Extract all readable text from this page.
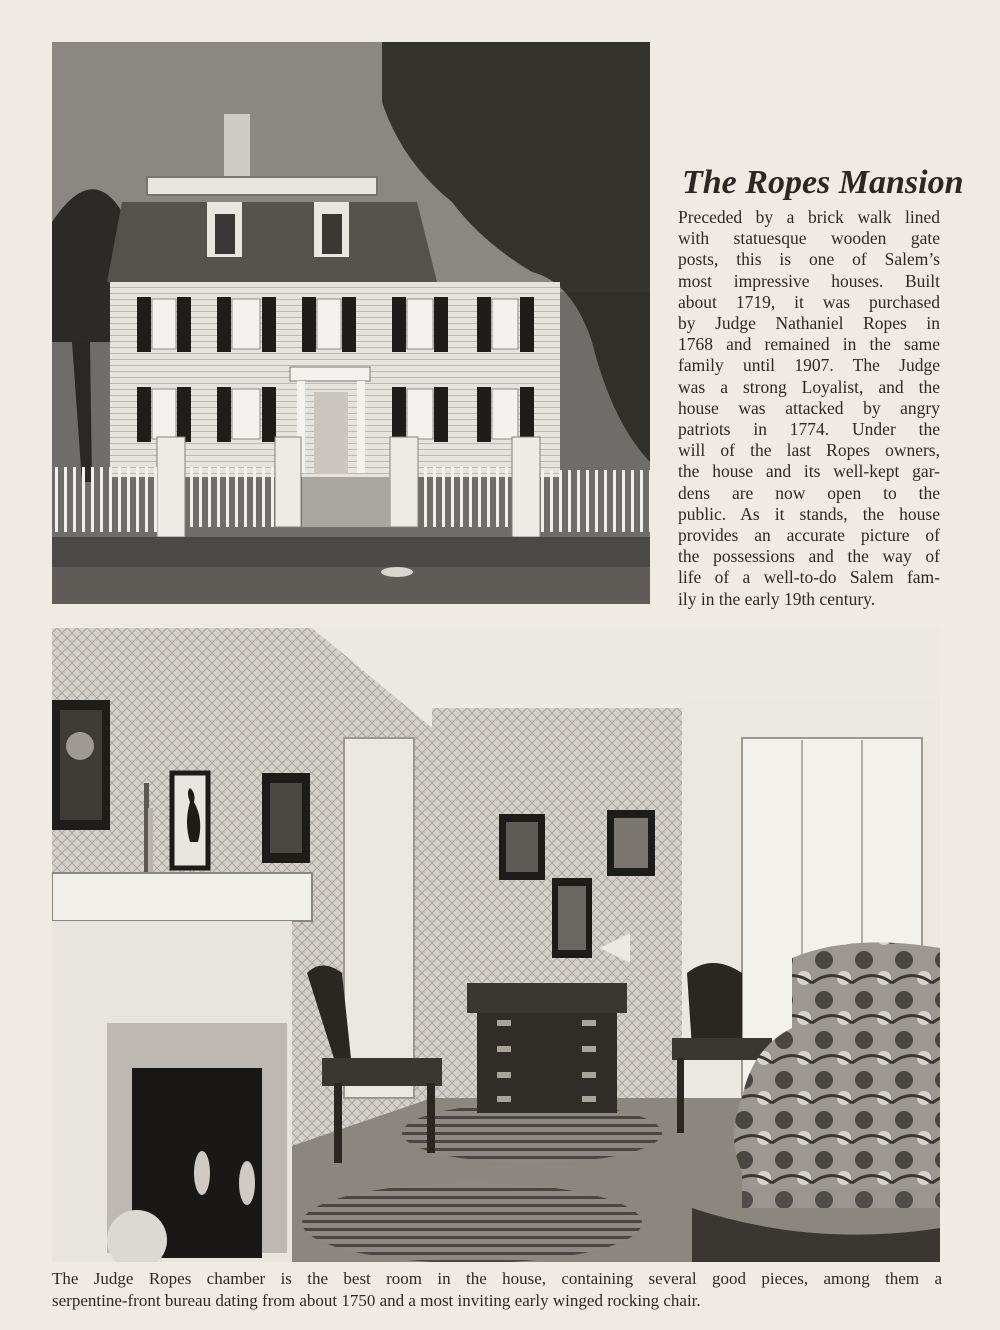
The Ropes Mansion
Preceded by a brick walk lined
with statuesque wooden gate
posts, this is one of Salem’s
most impressive houses. Built
about 1719, it was purchased
by Judge Nathaniel Ropes in
1768 and remained in the same
family until 1907. The Judge
was a strong Loyalist, and the
house was attacked by angry
patriots in 1774. Under the
will of the last Ropes owners,
the house and its well-kept gar-
dens are now open to the
public. As it stands, the house
provides an accurate picture of
the possessions and the way of
life of a well-to-do Salem fam-
ily in the early 19th century.
The Judge Ropes chamber is the best room in the house, containing several good pieces, among them a
serpentine-front bureau dating from about 1750 and a most inviting early winged rocking chair.
